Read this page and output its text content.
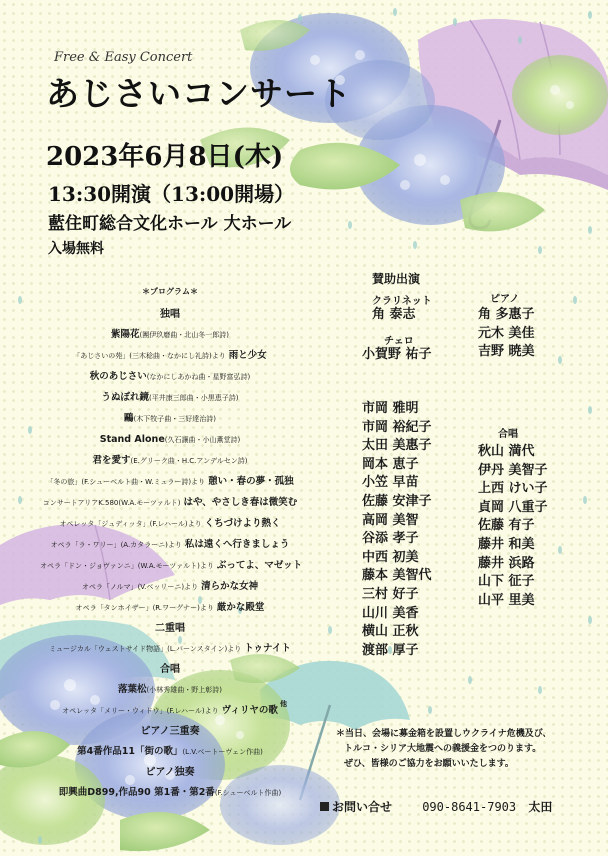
Free & Easy Concert
あじさいコンサート
2023年6月8日(木)
13:30開演（13:00開場）
藍住町総合文化ホール 大ホール
入場無料
＊プログラム＊
独唱
紫陽花(團伊玖磨曲・北山冬一郎詩)
「あじさいの苑」(三木稔曲・なかにし礼詩)より 雨と少女
秋のあじさい(なかにしあかね曲・星野富弘詩)
うぬぼれ鏡(平井康三郎曲・小黒恵子詩)
鷗(木下牧子曲・三好達治詩)
Stand Alone(久石讓曲・小山薫堂詩)
君を愛す(E.グリーク曲・H.C.アンデルセン詩)
「冬の旅」(F.シューベルト曲・W.ミュラー詩)より 憩い・春の夢・孤独
コンサートアリアK.580(W.A.モーツァルト) はや、やさしき春は微笑む
オペレッタ「ジュディッタ」(F.レハール)より くちづけより熱く
オペラ「ラ・ワリー」(A.カタラーニ)より 私は遠くへ行きましょう
オペラ「ドン・ジョヴァンニ」(W.A.モーツァルト)より ぶってよ、マゼット
オペラ「ノルマ」(V.ベッリーニ)より 清らかな女神
オペラ「タンホイザー」(R.ワーグナー)より 厳かな殿堂
二重唱
ミュージカル「ウェストサイド物語」(L.バーンスタイン)より トゥナイト
合唱
落葉松(小林秀雄曲・野上彰詩)
オペレッタ「メリー・ウィドウ」(F.レハール)より ヴィリヤの歌
ピアノ三重奏
第4番作品11「街の歌」(L.V.ベートーヴェン作曲)
ピアノ独奏
即興曲D899,作品90 第1番・第2番(F.シューベルト作曲)
他
賛助出演
クラリネット
角 泰志
チェロ
小賀野 祐子
ピアノ
角 多惠子
元木 美佳
吉野 暁美
市岡 雅明
市岡 裕紀子
太田 美惠子
岡本 恵子
小笠 早苗
佐藤 安津子
高岡 美智
谷添 孝子
中西 初美
藤本 美智代
三村 好子
山川 美香
横山 正秋
渡部 厚子
合唱
秋山 満代
伊丹 美智子
上西 けい子
貞岡 八重子
佐藤 有子
藤井 和美
藤井 浜路
山下 征子
山平 里美
＊当日、会場に募金箱を設置しウクライナ危機及び、
トルコ・シリア大地震への義援金をつのります。
ぜひ、皆様のご協力をお願いいたします。
お問い合せ	090-8641-7903 太田
